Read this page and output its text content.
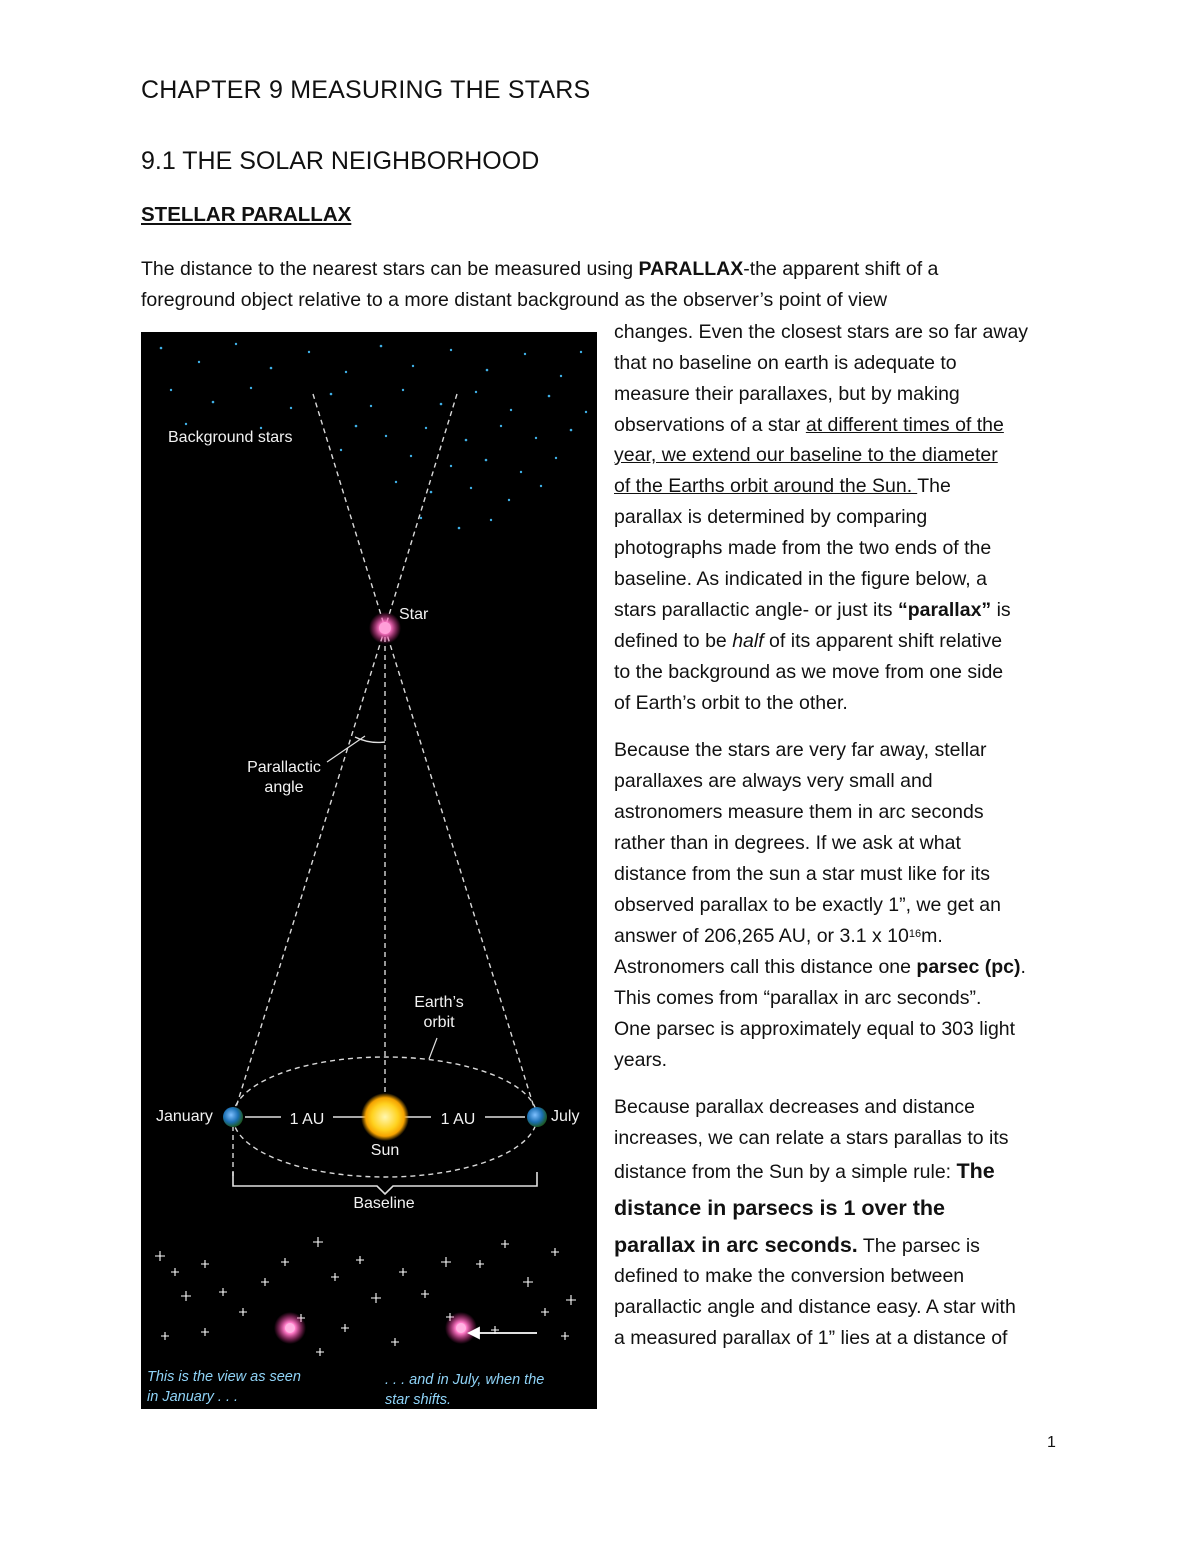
CHAPTER 9 MEASURING THE STARS
9.1 THE SOLAR NEIGHBORHOOD
STELLAR PARALLAX
The distance to the nearest stars can be measured using PARALLAX-the apparent shift of a
foreground object relative to a more distant background as the observer’s point of view
changes. Even the closest stars are so far away
that no baseline on earth is adequate to
measure their parallaxes, but by making
observations of a star at different times of the
year, we extend our baseline to the diameter
of the Earths orbit around the Sun. The
parallax is determined by comparing
photographs made from the two ends of the
baseline. As indicated in the figure below, a
stars parallactic angle- or just its “parallax” is
defined to be half of its apparent shift relative
to the background as we move from one side
of Earth’s orbit to the other.
Because the stars are very far away, stellar
parallaxes are always very small and
astronomers measure them in arc seconds
rather than in degrees. If we ask at what
distance from the sun a star must like for its
observed parallax to be exactly 1”, we get an
answer of 206,265 AU, or 3.1 x $10^{16}m$.
Astronomers call this distance one parsec (pc).
This comes from “parallax in arc seconds”.
One parsec is approximately equal to 303 light
years.
Because parallax decreases and distance
increases, we can relate a stars parallas to its
distance from the Sun by a simple rule: The
distance in parsecs is 1 over the
parallax in arc seconds. The parsec is
defined to make the conversion between
parallactic angle and distance easy. A star with
a measured parallax of 1” lies at a distance of
Background stars
Star
Parallactic
angle
Earth’s
orbit
January	July
1 AU	1 AU
Sun
Baseline
This is the view as seen
in January . . .
. . . and in July, when the
star shifts.
1
